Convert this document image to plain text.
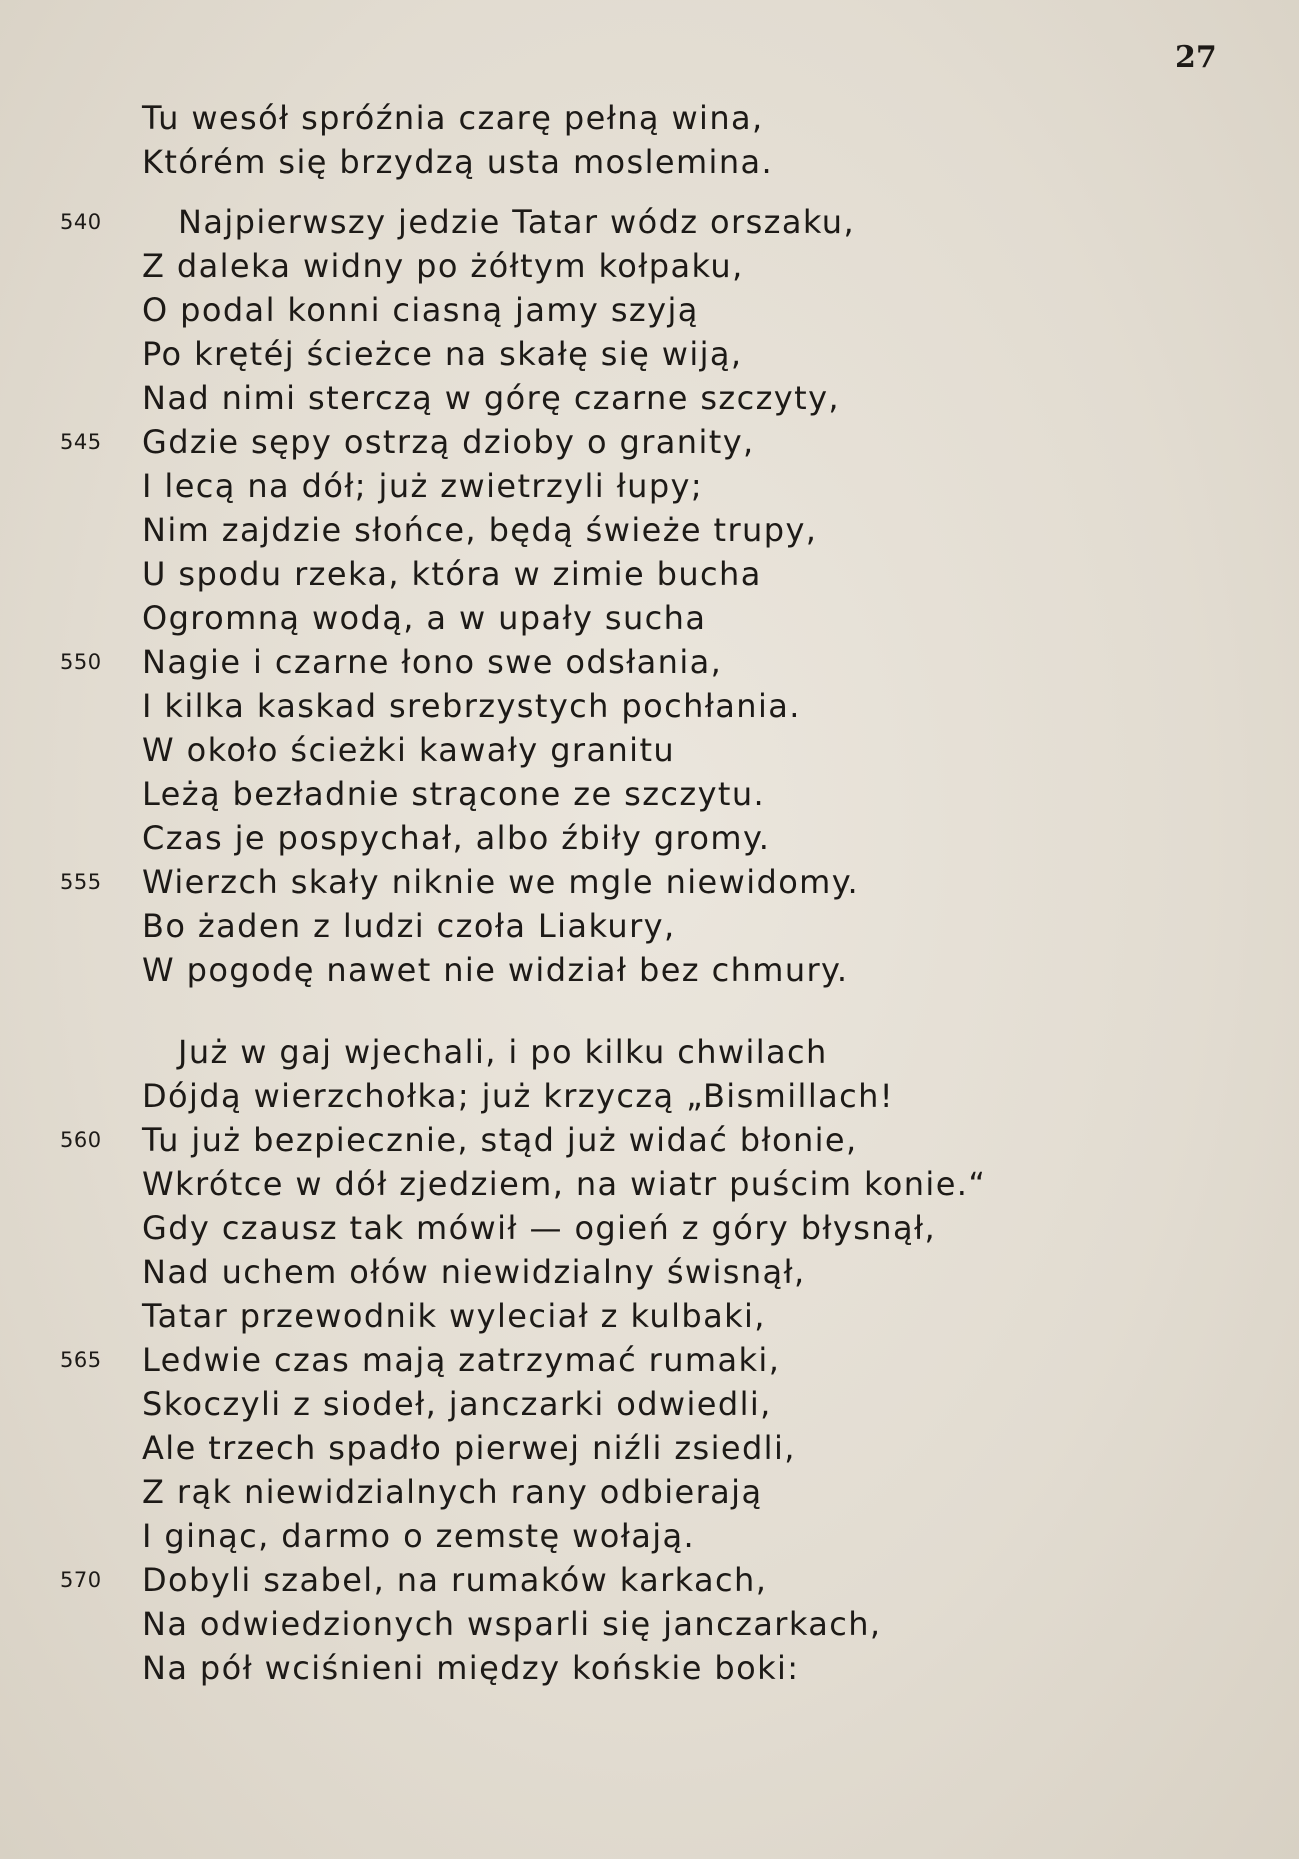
27
Tu wesół spróźnia czarę pełną wina,
Którém się brzydzą usta moslemina.
Najpierwszy jedzie Tatar wódz orszaku,
540
Z daleka widny po żółtym kołpaku,
O podal konni ciasną jamy szyją
Po krętéj ścieżce na skałę się wiją,
Nad nimi sterczą w górę czarne szczyty,
Gdzie sępy ostrzą dzioby o granity,
545
I lecą na dół; już zwietrzyli łupy;
Nim zajdzie słońce, będą świeże trupy,
U spodu rzeka, która w zimie bucha
Ogromną wodą, a w upały sucha
Nagie i czarne łono swe odsłania,
550
I kilka kaskad srebrzystych pochłania.
W około ścieżki kawały granitu
Leżą bezładnie strącone ze szczytu.
Czas je pospychał, albo źbiły gromy.
Wierzch skały niknie we mgle niewidomy.
555
Bo żaden z ludzi czoła Liakury,
W pogodę nawet nie widział bez chmury.
Już w gaj wjechali, i po kilku chwilach
Dójdą wierzchołka; już krzyczą „Bismillach!
Tu już bezpiecznie, stąd już widać błonie,
560
Wkrótce w dół zjedziem, na wiatr puścim konie.“
Gdy czausz tak mówił — ogień z góry błysnął,
Nad uchem ołów niewidzialny świsnął,
Tatar przewodnik wyleciał z kulbaki,
Ledwie czas mają zatrzymać rumaki,
565
Skoczyli z siodeł, janczarki odwiedli,
Ale trzech spadło pierwej niźli zsiedli,
Z rąk niewidzialnych rany odbierają
I ginąc, darmo o zemstę wołają.
Dobyli szabel, na rumaków karkach,
570
Na odwiedzionych wsparli się janczarkach,
Na pół wciśnieni między końskie boki:
